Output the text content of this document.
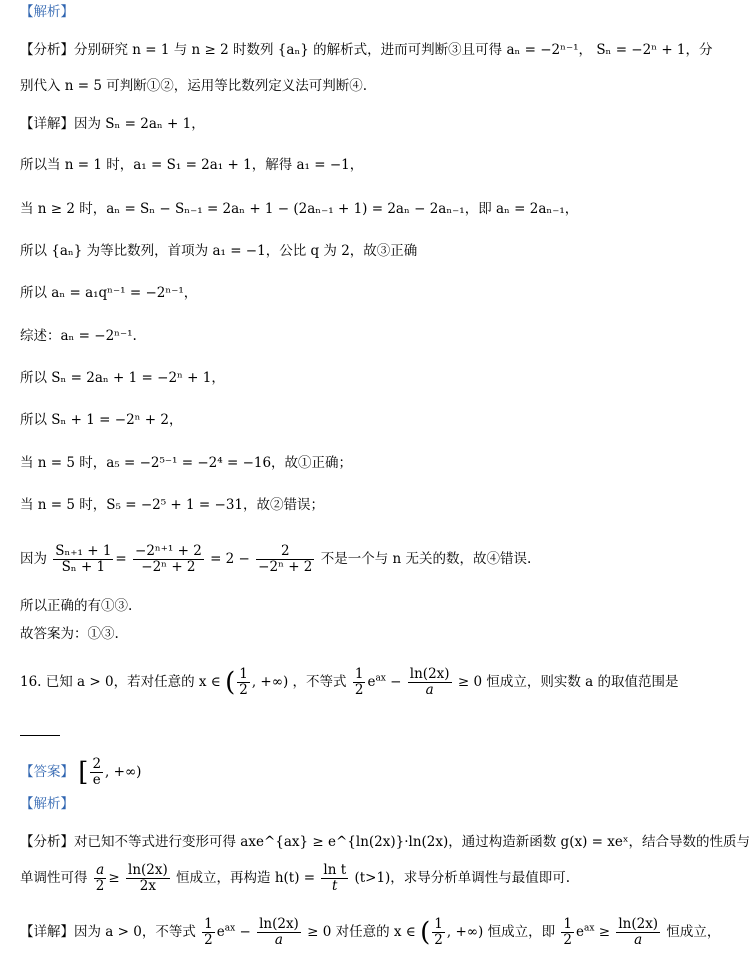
【解析】
【分析】分别研究 n = 1 与 n ≥ 2 时数列 {aₙ} 的解析式，进而可判断③且可得 aₙ = −2ⁿ⁻¹， Sₙ = −2ⁿ + 1，分
别代入 n = 5 可判断①②，运用等比数列定义法可判断④.
【详解】因为 Sₙ = 2aₙ + 1，
所以当 n = 1 时，a₁ = S₁ = 2a₁ + 1，解得 a₁ = −1，
当 n ≥ 2 时，aₙ = Sₙ − Sₙ₋₁ = 2aₙ + 1 − (2aₙ₋₁ + 1) = 2aₙ − 2aₙ₋₁，即 aₙ = 2aₙ₋₁，
所以 {aₙ} 为等比数列，首项为 a₁ = −1，公比 q 为 2，故③正确
所以 aₙ = a₁qⁿ⁻¹ = −2ⁿ⁻¹，
综述：aₙ = −2ⁿ⁻¹.
所以 Sₙ = 2aₙ + 1 = −2ⁿ + 1，
所以 Sₙ + 1 = −2ⁿ + 2，
当 n = 5 时，a₅ = −2⁵⁻¹ = −2⁴ = −16，故①正确；
当 n = 5 时，S₅ = −2⁵ + 1 = −31，故②错误；
因为 $\frac{\text{Sₙ₊₁ + 1}}{\text{Sₙ + 1}} = \frac{\text{−2ⁿ⁺¹ + 2}}{\text{−2ⁿ + 2}} = 2 - \frac{2}{\text{−2ⁿ + 2}}$ 不是一个与 n 无关的数，故④错误.
所以正确的有①③.
故答案为：①③.
16. 已知 a > 0，若对任意的 x ∈ ( $\frac{1}{2}$ , +∞) ，不等式 $\frac{1}{2} e^{ax} - \frac{\ln(2x)}{a} \ge 0$ 恒成立，则实数 a 的取值范围是
【答案】 [ $\frac{2}{e}$ , +∞)
【解析】
【分析】对已知不等式进行变形可得 axe^{ax} ≥ e^{ln(2x)}·ln(2x)，通过构造新函数 g(x) = xeˣ，结合导数的性质与
单调性可得 $\frac{a}{2} \ge \frac{\ln(2x)}{2x}$ 恒成立，再构造 $h(t) = \frac{\text{ln t}}{t} (t>1)$，求导分析单调性与最值即可.
【详解】因为 a > 0，不等式 $\frac{1}{2} e^{ax} - \frac{\ln(2x)}{a} \ge 0$ 对任意的 x ∈ ( $\frac{1}{2}$ , +∞) 恒成立，即 $\frac{1}{2} e^{ax} \ge \frac{\ln(2x)}{a}$ 恒成立，
